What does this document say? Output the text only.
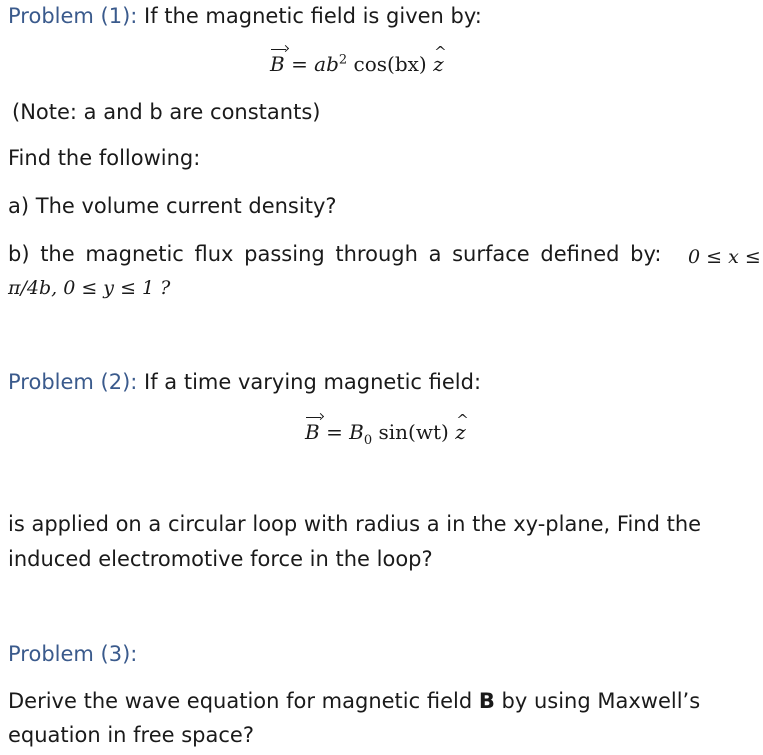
Problem (1): If the magnetic field is given by:
$B = ab^2$ cos(bx) z ^
(Note: a and b are constants)
Find the following:
a) The volume current density?
b) the magnetic flux passing through a surface defined by: 0 ≤ x ≤
π/4b, 0 ≤ y ≤ 1 ?
Problem (2): If a time varying magnetic field:
$B = B_0$ sin(wt) z ^
is applied on a circular loop with radius a in the xy-plane, Find the
induced electromotive force in the loop?
Problem (3):
Derive the wave equation for magnetic field B by using Maxwell’s
equation in free space?
